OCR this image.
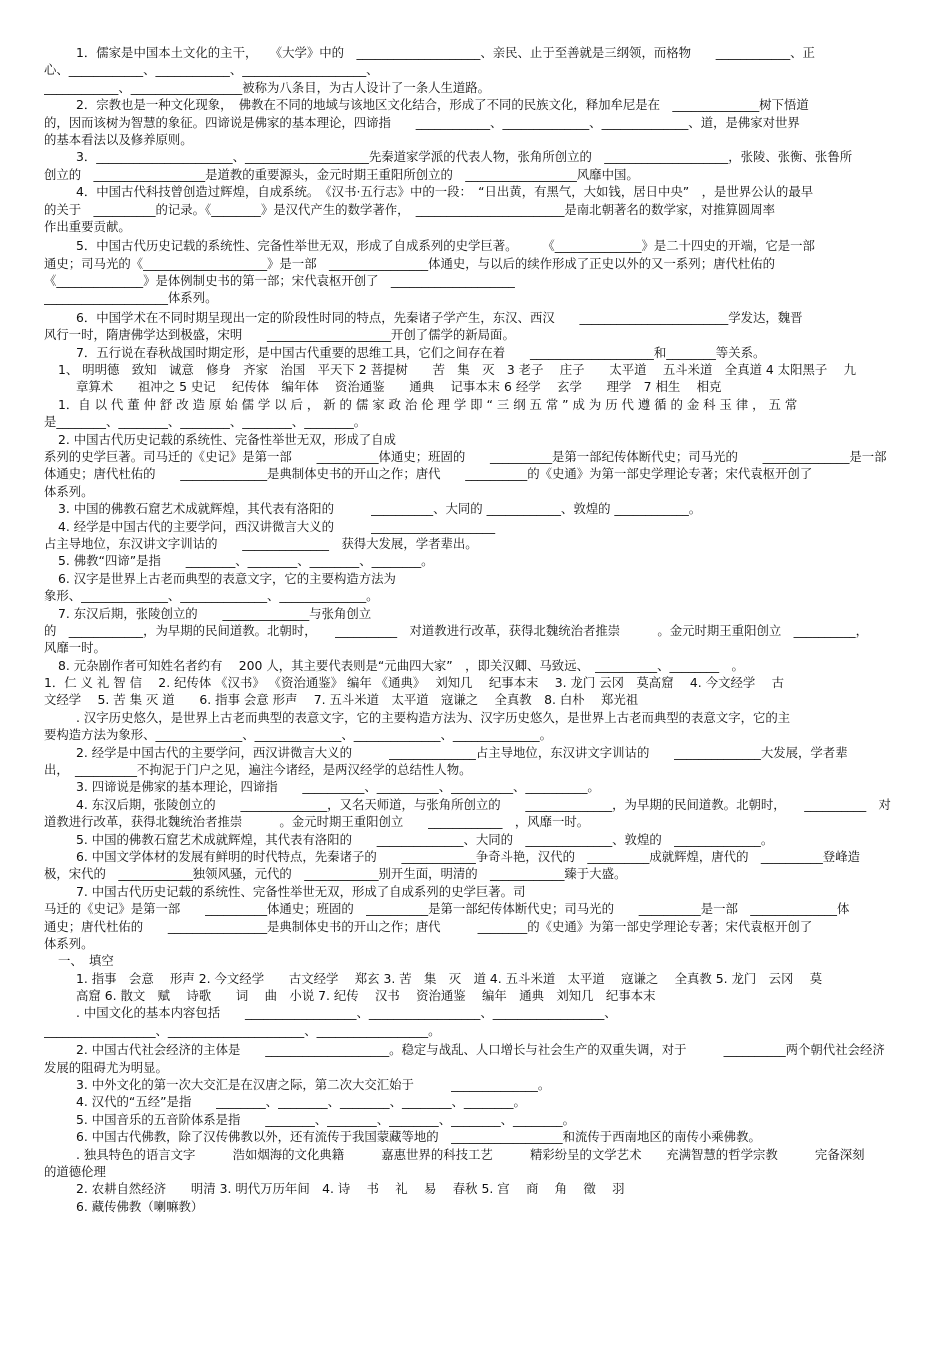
1．儒家是中国本土文化的主干，　　《大学》中的　____________________、亲民、止于至善就是三纲领，而格物　　____________、正
心、____________、____________、____________________、
____________、__________________被称为八条目，为古人设计了一条人生道路。
2．宗教也是一种文化现象，　佛教在不同的地域与该地区文化结合，形成了不同的民族文化，释加牟尼是在　______________树下悟道
的，因而该树为智慧的象征。四谛说是佛家的基本理论，四谛指　　____________、______________、______________、道，是佛家对世界
的基本看法以及修养原则。
3．______________________、____________________先秦道家学派的代表人物，张角所创立的　____________________，张陵、张衡、张鲁所
创立的　__________________是道教的重要源头，金元时期王重阳所创立的　__________________风靡中国。
4．中国古代科技曾创造过辉煌，自成系统。　《汉书·五行志》中的一段：　“日出黄，有黑气，大如钱，居日中央”　，是世界公认的最早
的关于　__________的记录。《________》是汉代产生的数学著作，　________________________是南北朝著名的数学家，对推算圆周率
作出重要贡献。
5．中国古代历史记载的系统性、完备性举世无双，形成了自成系列的史学巨著。　　　《______________》是二十四史的开端，它是一部
通史；司马光的《____________________》是一部　________________体通史，与以后的续作形成了正史以外的又一系列；唐代杜佑的
《______________》是体例制史书的第一部；宋代袁枢开创了　____________________
____________________体系列。
6．中国学术在不同时期呈现出一定的阶段性时同的特点，先秦诸子学产生，东汉、西汉　　________________________学发达，魏晋
风行一时，隋唐佛学达到极盛，宋明　　____________________开创了儒学的新局面。
7．五行说在春秋战国时期定形，是中国古代重要的思维工具，它们之间存在着　　____________________和________等关系。
1、 明明德　致知　诚意　修身　齐家　治国　平天下 2 菩提树　　苦　集　灭　3 老子　 庄子　　太平道　 五斗米道　全真道 4 太阳黑子　 九
章算术　　祖冲之 5 史记　 纪传体　编年体　 资治通鉴　　通典　 记事本末 6 经学　 玄学　　理学　7 相生　 相克
1．自 以 代 董 仲 舒 改 造 原 始 儒 学 以 后 ， 新 的 儒 家 政 治 伦 理 学 即 “ 三 纲 五 常 ” 成 为 历 代 遵 循 的 金 科 玉 律 ， 五 常
是________、________、________、________、________。
2. 中国古代历史记载的系统性、完备性举世无双，形成了自成
系列的史学巨著。司马迁的《史记》是第一部　　__________体通史；班固的　　__________是第一部纪传体断代史；司马光的　　______________是一部
体通史；唐代杜佑的　　______________是典制体史书的开山之作；唐代　　__________的《史通》为第一部史学理论专著；宋代袁枢开创了
体系列。
3. 中国的佛教石窟艺术成就辉煌，其代表有洛阳的　　　__________、大同的 ____________、敦煌的 ____________。
4. 经学是中国古代的主要学问，西汉讲微言大义的　　　____________________
占主导地位，东汉讲文字训诂的　　______________　获得大发展，学者辈出。
5. 佛教“四谛”是指　　________、________、________、________。
6. 汉字是世界上古老而典型的表意文字，它的主要构造方法为
象形、______________、______________、______________。
7. 东汉后期，张陵创立的　　______________与张角创立
的　____________，为早期的民间道教。北朝时，　　__________　对道教进行改革，获得北魏统治者推崇　　　。金元时期王重阳创立　__________，
风靡一时。
8. 元杂剧作者可知姓名者约有　 200 人，其主要代表则是“元曲四大家”　，即关汉卿、马致远、　__________、________　。
1．仁 义 礼 智 信　 2. 纪传体 《汉书》 《资治通鉴》 编年 《通典》　 刘知几　 纪事本末　 3. 龙门 云冈　莫高窟　 4. 今文经学　 古
文经学　 5. 苦 集 灭 道　　6. 指事 会意 形声　 7. 五斗米道　太平道　寇谦之　 全真教　8. 白朴　 郑光祖
. 汉字历史悠久，是世界上古老而典型的表意文字，它的主要构造方法为、汉字历史悠久，是世界上古老而典型的表意文字，它的主
要构造方法为象形、______________、______________、______________、______________。
2. 经学是中国古代的主要学问，西汉讲微言大义的　　　______________占主导地位，东汉讲文字训诂的　　______________大发展，学者辈
出，　__________不拘泥于门户之见，遍注今诸经，是两汉经学的总结性人物。
3. 四谛说是佛家的基本理论，四谛指　　__________、__________、__________、__________。
4. 东汉后期，张陵创立的　　______________，又名天师道，与张角所创立的　　______________，为早期的民间道教。北朝时，　　__________　对
道教进行改革，获得北魏统治者推崇　　　。金元时期王重阳创立　　____________　，风靡一时。
5. 中国的佛教石窟艺术成就辉煌，其代表有洛阳的　　______________、大同的　______________、敦煌的　______________。
6. 中国文学体材的发展有鲜明的时代特点，先秦诸子的　　____________争奇斗艳，汉代的　__________成就辉煌，唐代的　__________登峰造
极，宋代的　____________独领风骚，元代的　____________别开生面，明清的　____________臻于大盛。
7. 中国古代历史记载的系统性、完备性举世无双，形成了自成系列的史学巨著。司
马迁的《史记》是第一部　　__________体通史；班固的　__________是第一部纪传体断代史；司马光的　　__________是一部　______________体
通史；唐代杜佑的　　________________是典制体史书的开山之作；唐代　　　________的《史通》为第一部史学理论专著；宋代袁枢开创了
体系列。
一、　填空
1. 指事　会意　 形声 2. 今文经学　　古文经学　 郑玄 3. 苦　集　灭　道 4. 五斗米道　太平道　 寇谦之　 全真教 5. 龙门　云冈　 莫
高窟 6. 散文　赋　 诗歌　　词　 曲　小说 7. 纪传　 汉书　 资治通鉴　 编年　通典　刘知几　纪事本末
. 中国文化的基本内容包括　　__________________、__________________、__________________、
__________________、______________________、__________________。
2. 中国古代社会经济的主体是　　____________________。稳定与战乱、人口增长与社会生产的双重失调，对于　　　__________两个朝代社会经济
发展的阻碍尤为明显。
3. 中外文化的第一次大交汇是在汉唐之际，第二次大交汇始于　　　______________。
4. 汉代的“五经”是指　　________、________、________、________、________。
5. 中国音乐的五音阶体系是指　　________、________、________、________、________。
6. 中国古代佛教，除了汉传佛教以外，还有流传于我国蒙藏等地的　__________________和流传于西南地区的南传小乘佛教。
. 独具特色的语言文字　　　浩如烟海的文化典籍　　　嘉惠世界的科技工艺　　　精彩纷呈的文学艺术　　充满智慧的哲学宗教　　　完备深刻
的道德伦理
2. 农耕自然经济　　明清 3. 明代万历年间　4. 诗　 书　 礼　 易　 春秋 5. 宫　 商　 角　 徵　 羽
6. 藏传佛教（喇嘛教）
